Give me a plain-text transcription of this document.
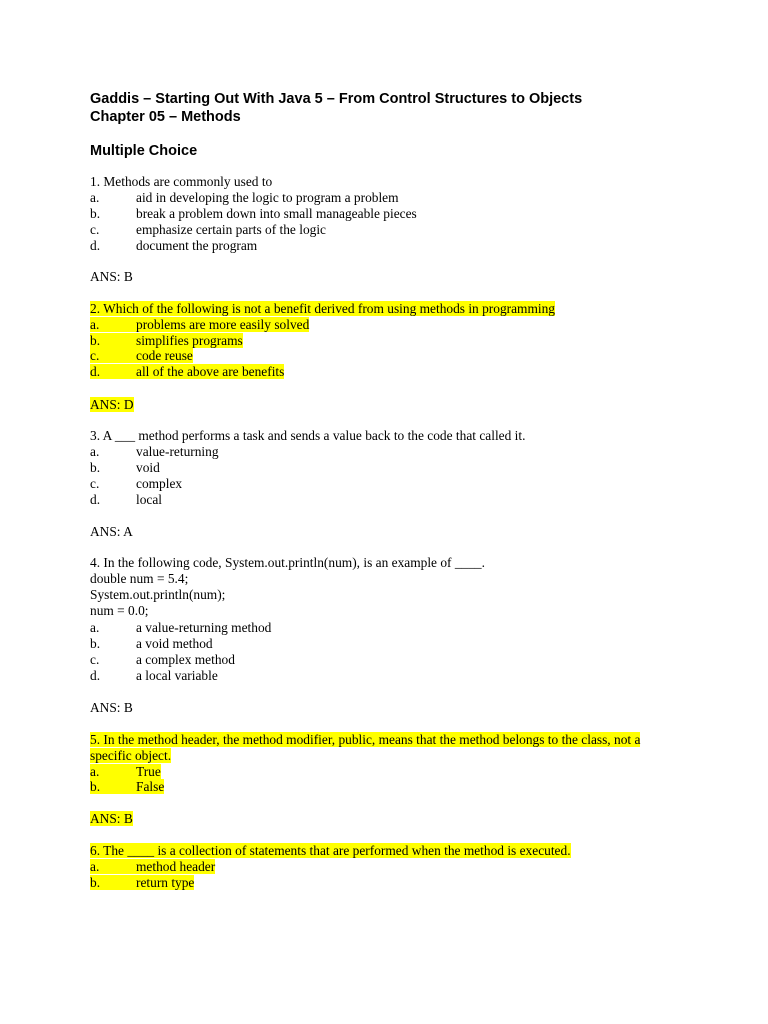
Gaddis – Starting Out With Java 5 – From Control Structures to Objects
Chapter 05 – Methods
Multiple Choice
1. Methods are commonly used to
a.	aid in developing the logic to program a problem
b.	break a problem down into small manageable pieces
c.	emphasize certain parts of the logic
d.	document the program
ANS: B
2. Which of the following is not a benefit derived from using methods in programming
a.	problems are more easily solved
b.	simplifies programs
c.	code reuse
d.	all of the above are benefits
ANS: D
3. A ___ method performs a task and sends a value back to the code that called it.
a.	value-returning
b.	void
c.	complex
d.	local
ANS: A
4. In the following code, System.out.println(num), is an example of ____.
double num = 5.4;
System.out.println(num);
num = 0.0;
a.	a value-returning method
b.	a void method
c.	a complex method
d.	a local variable
ANS: B
5. In the method header, the method modifier, public, means that the method belongs to the class, not a
specific object.
a.	True
b.	False
ANS: B
6. The ____ is a collection of statements that are performed when the method is executed.
a.	method header
b.	return type
